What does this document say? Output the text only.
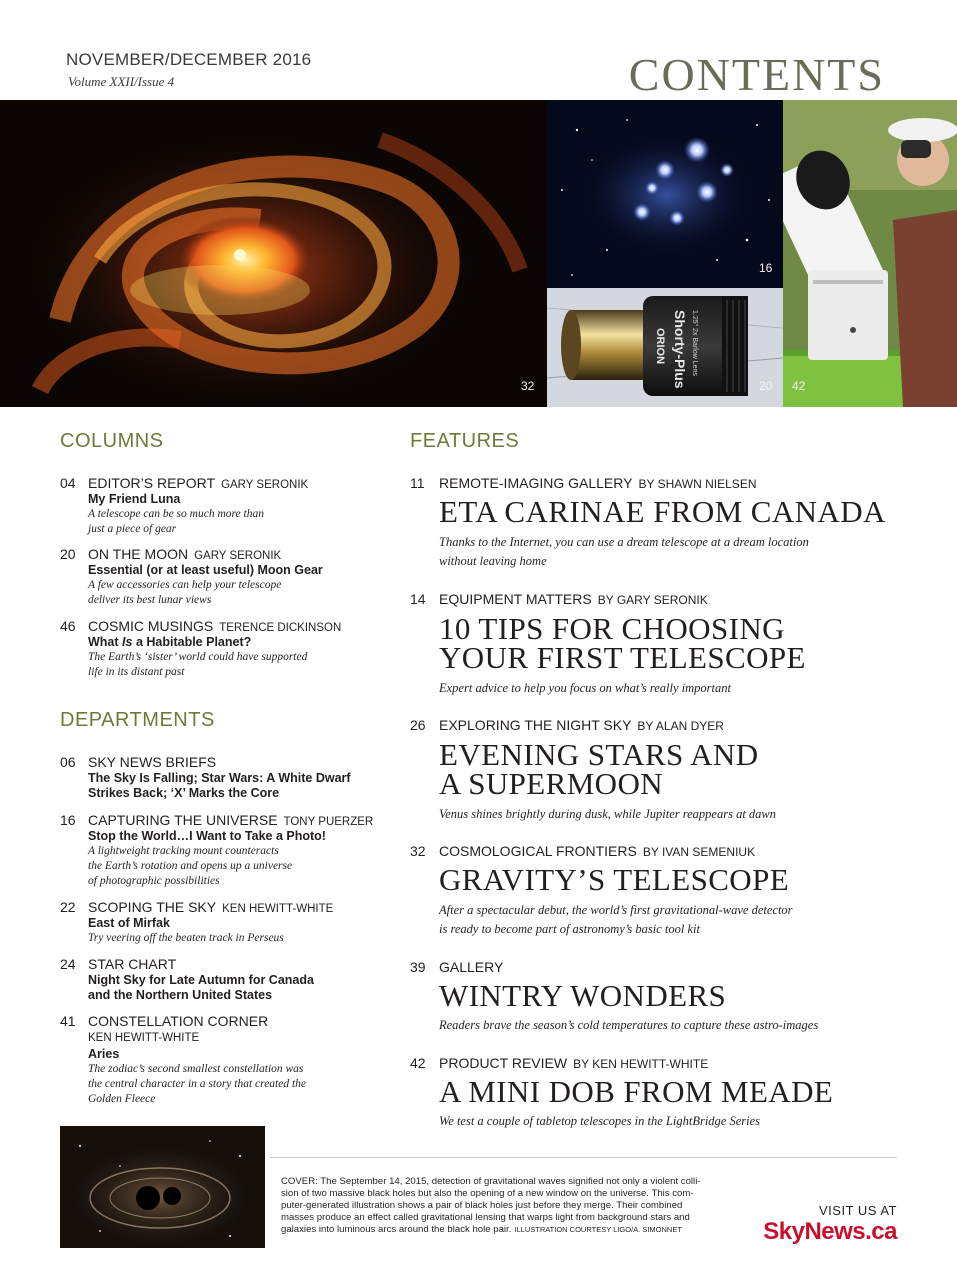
NOVEMBER/DECEMBER 2016
Volume XXII/Issue 4	CONTENTS
32
16
ORION Shorty-Plus 1.25" 2x Barlow Lens
20 42
COLUMNS
04 EDITOR’S REPORT GARY SERONIK
My Friend Luna
A telescope can be so much more than
just a piece of gear
20 ON THE MOON GARY SERONIK
Essential (or at least useful) Moon Gear
A few accessories can help your telescope
deliver its best lunar views
46 COSMIC MUSINGS TERENCE DICKINSON
What Is a Habitable Planet?
The Earth’s ‘sister’ world could have supported
life in its distant past
DEPARTMENTS
06 SKY NEWS BRIEFS
The Sky Is Falling; Star Wars: A White Dwarf
Strikes Back; ‘X’ Marks the Core
16 CAPTURING THE UNIVERSE TONY PUERZER
Stop the World…I Want to Take a Photo!
A lightweight tracking mount counteracts
the Earth’s rotation and opens up a universe
of photographic possibilities
22 SCOPING THE SKY KEN HEWITT-WHITE
East of Mirfak
Try veering off the beaten track in Perseus
24 STAR CHART
Night Sky for Late Autumn for Canada
and the Northern United States
41 CONSTELLATION CORNER
KEN HEWITT-WHITE
Aries
The zodiac’s second smallest constellation was
the central character in a story that created the
Golden Fleece
FEATURES
11 REMOTE-IMAGING GALLERY BY SHAWN NIELSEN
ETA CARINAE FROM CANADA
Thanks to the Internet, you can use a dream telescope at a dream location
without leaving home
14 EQUIPMENT MATTERS BY GARY SERONIK
10 TIPS FOR CHOOSING
YOUR FIRST TELESCOPE
Expert advice to help you focus on what’s really important
26 EXPLORING THE NIGHT SKY BY ALAN DYER
EVENING STARS AND
A SUPERMOON
Venus shines brightly during dusk, while Jupiter reappears at dawn
32 COSMOLOGICAL FRONTIERS BY IVAN SEMENIUK
GRAVITY’S TELESCOPE
After a spectacular debut, the world’s first gravitational-wave detector
is ready to become part of astronomy’s basic tool kit
39 GALLERY
WINTRY WONDERS
Readers brave the season’s cold temperatures to capture these astro-images
42 PRODUCT REVIEW BY KEN HEWITT-WHITE
A MINI DOB FROM MEADE
We test a couple of tabletop telescopes in the LightBridge Series
COVER: The September 14, 2015, detection of gravitational waves signified not only a violent colli-
sion of two massive black holes but also the opening of a new window on the universe. This com-
puter-generated illustration shows a pair of black holes just before they merge. Their combined
masses produce an effect called gravitational lensing that warps light from background stars and
galaxies into luminous arcs around the black hole pair. ILLUSTRATION COURTESY LIGO/A. SIMONNET
VISIT US AT
SkyNews.ca
